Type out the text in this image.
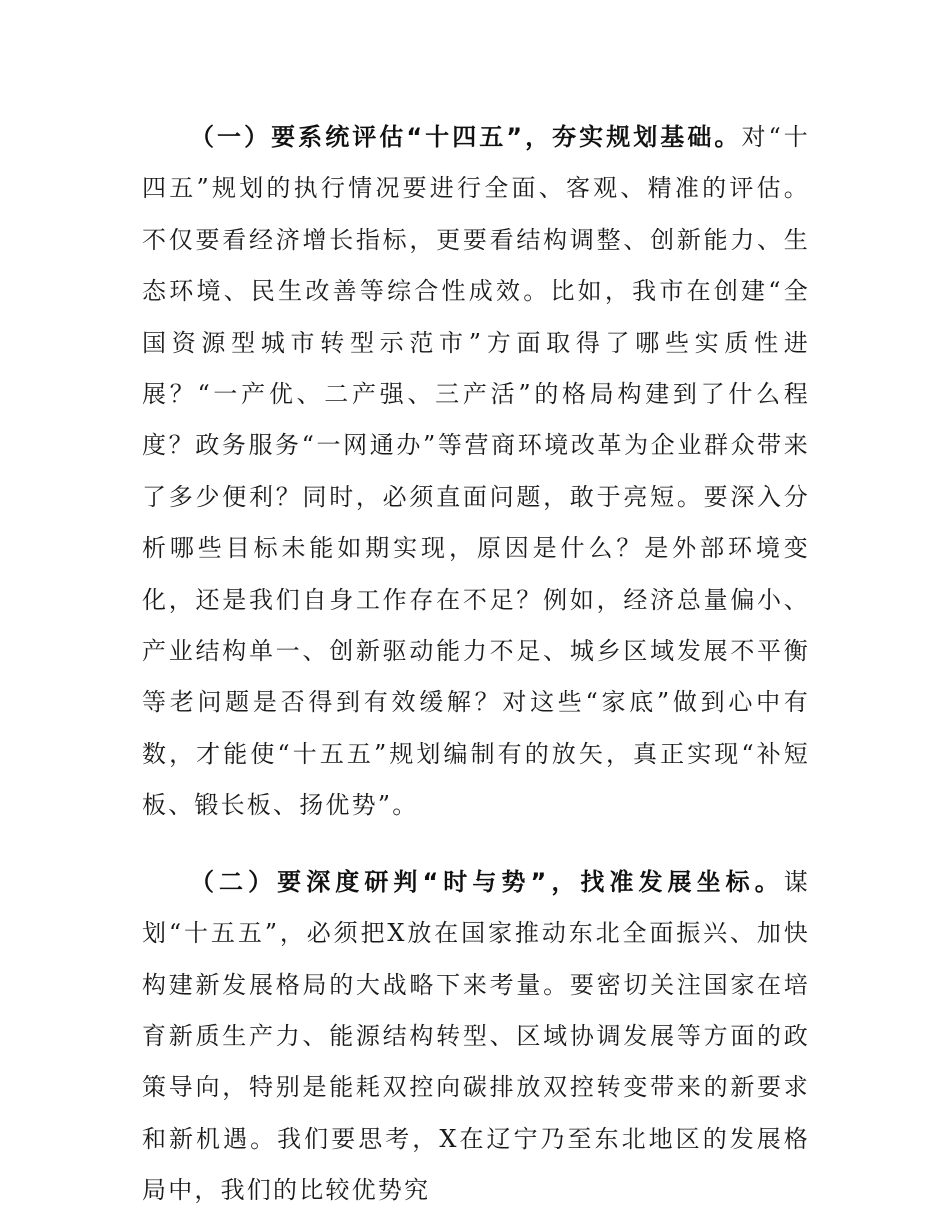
（一）要系统评估“十四五”，夯实规划基础。对“十四五”规划的执行情况要进行全面、客观、精准的评估。不仅要看经济增长指标，更要看结构调整、创新能力、生态环境、民生改善等综合性成效。比如，我市在创建“全国资源型城市转型示范市”方面取得了哪些实质性进展？“一产优、二产强、三产活”的格局构建到了什么程度？政务服务“一网通办”等营商环境改革为企业群众带来了多少便利？同时，必须直面问题，敢于亮短。要深入分析哪些目标未能如期实现，原因是什么？是外部环境变化，还是我们自身工作存在不足？例如，经济总量偏小、产业结构单一、创新驱动能力不足、城乡区域发展不平衡等老问题是否得到有效缓解？对这些“家底”做到心中有数，才能使“十五五”规划编制有的放矢，真正实现“补短板、锻长板、扬优势”。

（二）要深度研判“时与势”，找准发展坐标。谋划“十五五”，必须把X放在国家推动东北全面振兴、加快构建新发展格局的大战略下来考量。要密切关注国家在培育新质生产力、能源结构转型、区域协调发展等方面的政策导向，特别是能耗双控向碳排放双控转变带来的新要求和新机遇。我们要思考，X在辽宁乃至东北地区的发展格局中，我们的比较优势究
